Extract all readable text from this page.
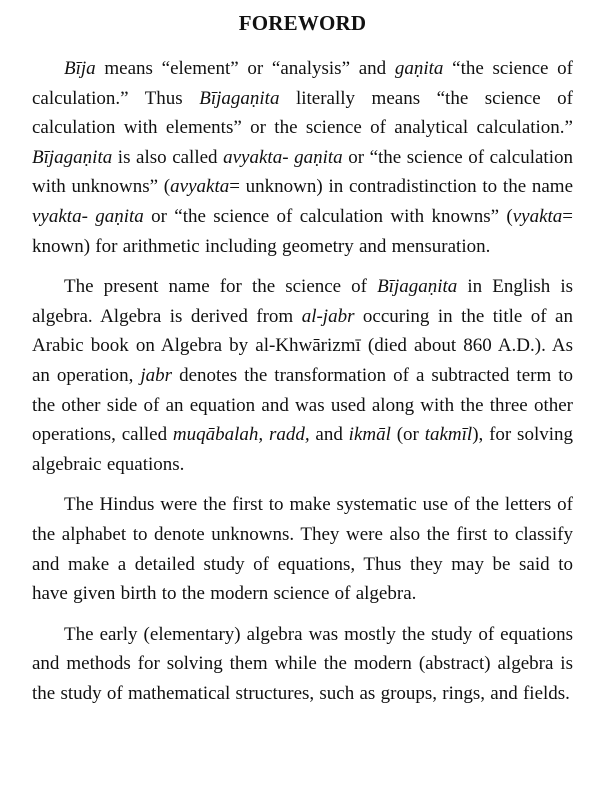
FOREWORD
Bīja means “element” or “analysis” and gaṇita “the science of calculation.” Thus Bījagaṇita literally means “the science of calculation with elements” or the science of analytical calculation.” Bījagaṇita is also called avyakta- gaṇita or “the science of calculation with unknowns” (avyakta= unknown) in contradistinction to the name vyakta- gaṇita or “the science of calculation with knowns” (vyakta= known) for arithmetic including geometry and mensuration.
The present name for the science of Bījagaṇita in English is algebra. Algebra is derived from al-jabr occuring in the title of an Arabic book on Algebra by al-Khwārizmī (died about 860 A.D.). As an operation, jabr denotes the transformation of a subtracted term to the other side of an equation and was used along with the three other operations, called muqābalah, radd, and ikmāl (or takmīl), for solving algebraic equations.
The Hindus were the first to make systematic use of the letters of the alphabet to denote unknowns. They were also the first to classify and make a detailed study of equations, Thus they may be said to have given birth to the modern science of algebra.
The early (elementary) algebra was mostly the study of equations and methods for solving them while the modern (abstract) algebra is the study of mathematical structures, such as groups, rings, and fields.
